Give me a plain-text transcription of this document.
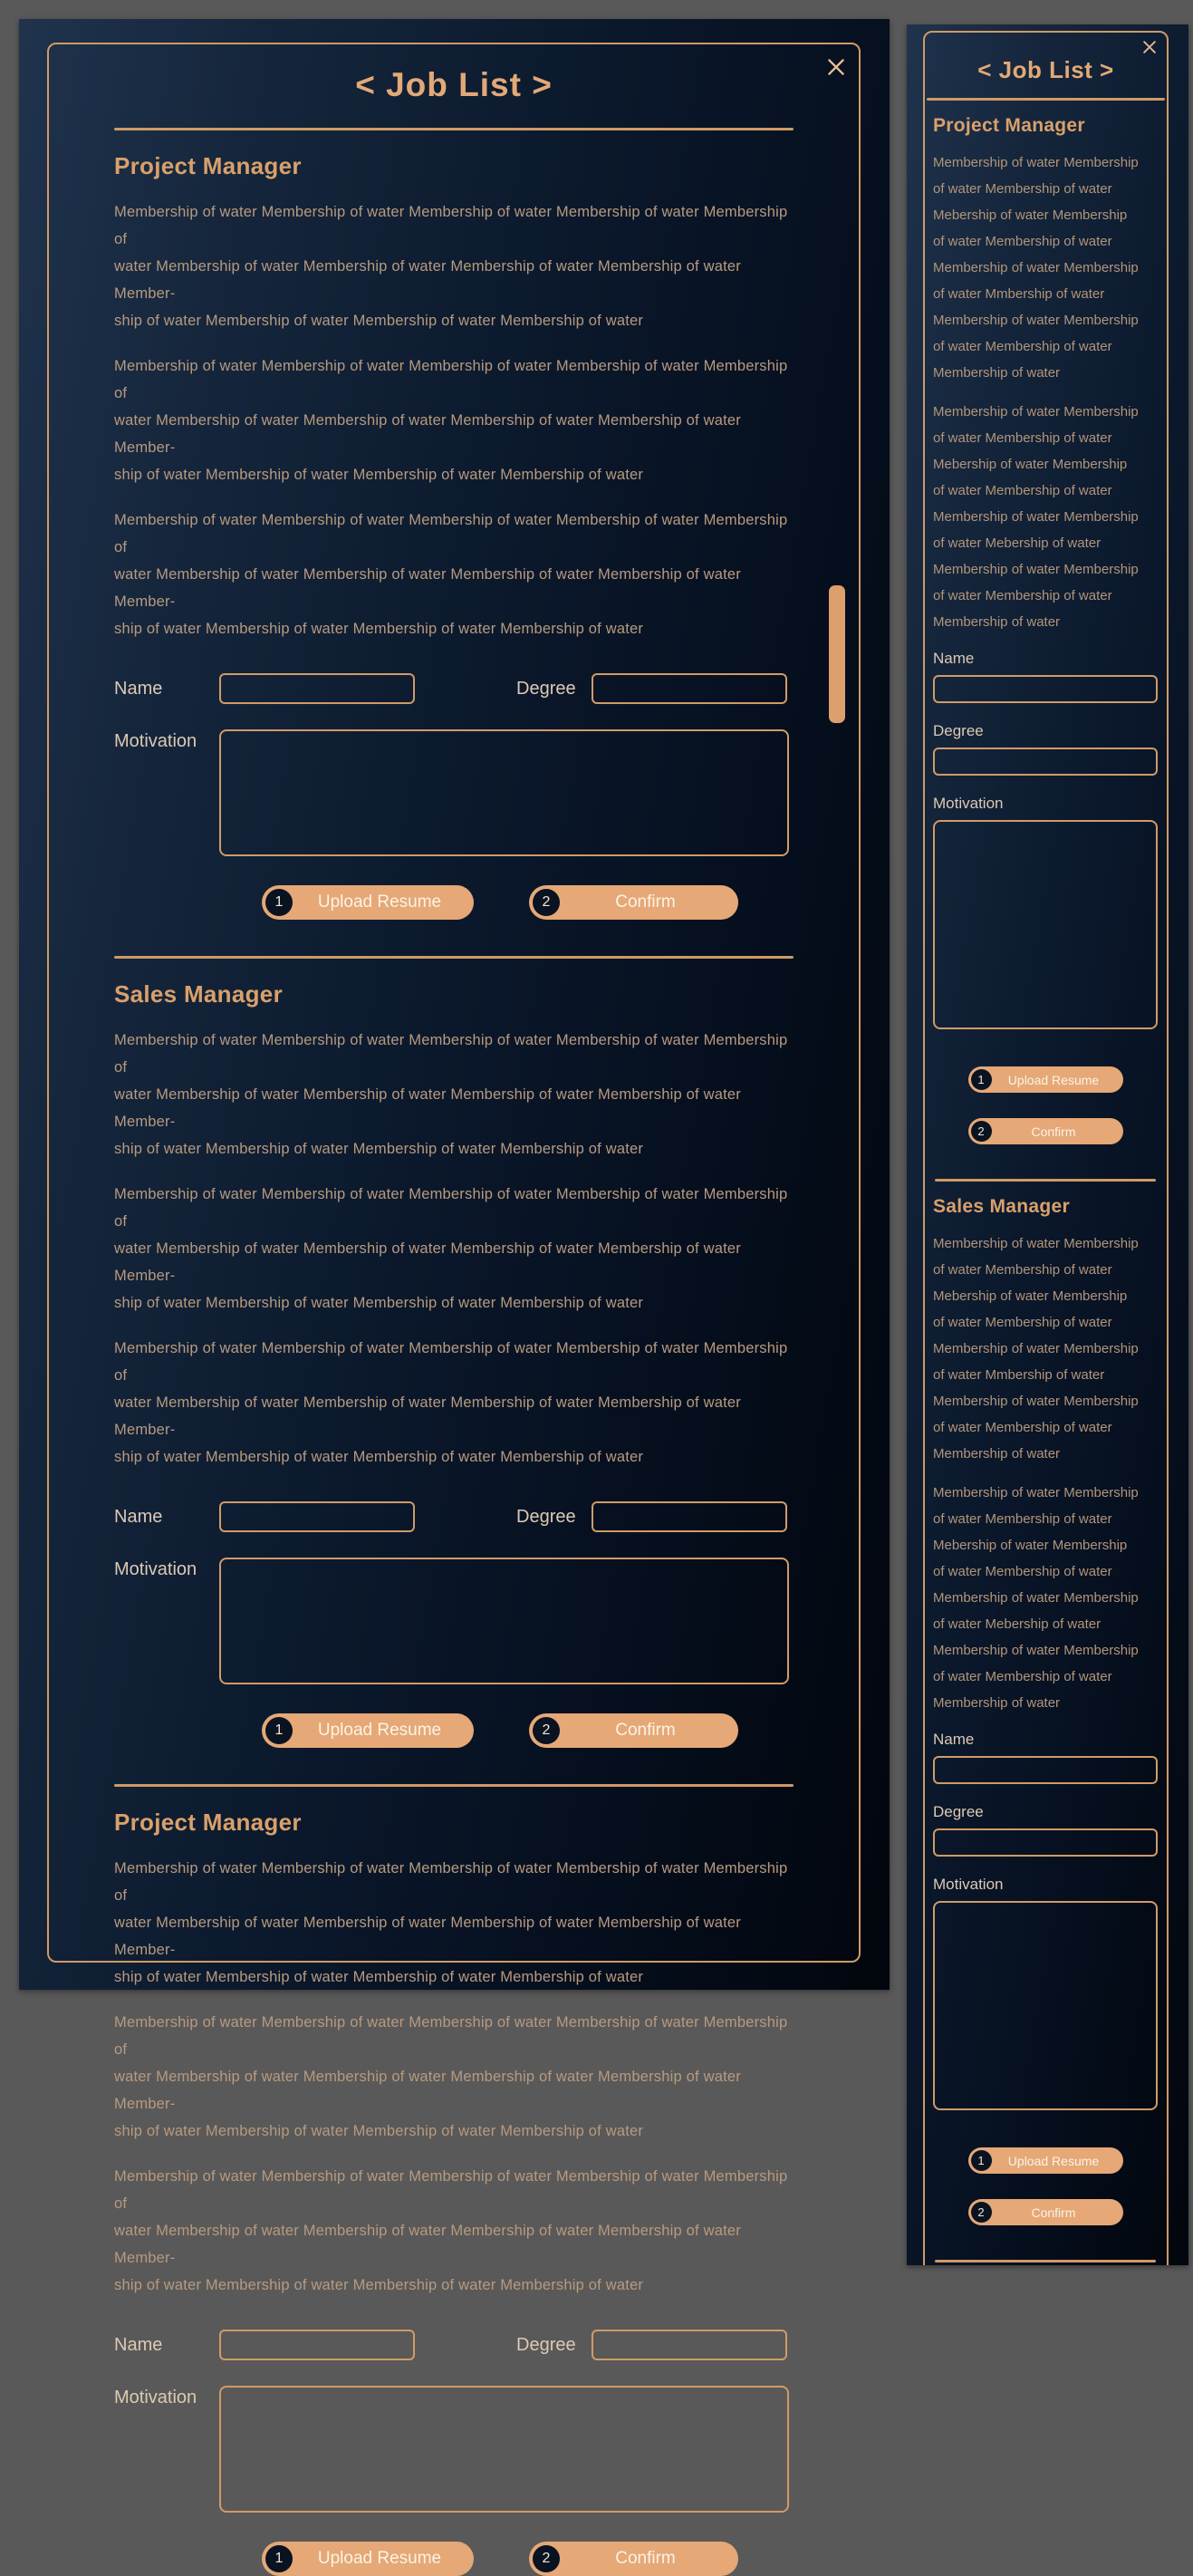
< Job List >
Project Manager
Membership of water Membership of water Membership of water Membership of water Membership of
water Membership of water Membership of water Membership of water Membership of water Member-
ship of water Membership of water Membership of water Membership of water
Membership of water Membership of water Membership of water Membership of water Membership of
water Membership of water Membership of water Membership of water Membership of water Member-
ship of water Membership of water Membership of water Membership of water
Membership of water Membership of water Membership of water Membership of water Membership of
water Membership of water Membership of water Membership of water Membership of water Member-
ship of water Membership of water Membership of water Membership of water
Name	Degree
Motivation
1	Upload Resume	2	Confirm
Sales Manager
Membership of water Membership of water Membership of water Membership of water Membership of
water Membership of water Membership of water Membership of water Membership of water Member-
ship of water Membership of water Membership of water Membership of water
Membership of water Membership of water Membership of water Membership of water Membership of
water Membership of water Membership of water Membership of water Membership of water Member-
ship of water Membership of water Membership of water Membership of water
Membership of water Membership of water Membership of water Membership of water Membership of
water Membership of water Membership of water Membership of water Membership of water Member-
ship of water Membership of water Membership of water Membership of water
Name	Degree
Motivation
1	Upload Resume	2	Confirm
Project Manager
Membership of water Membership of water Membership of water Membership of water Membership of
water Membership of water Membership of water Membership of water Membership of water Member-
ship of water Membership of water Membership of water Membership of water
Membership of water Membership of water Membership of water Membership of water Membership of
water Membership of water Membership of water Membership of water Membership of water Member-
ship of water Membership of water Membership of water Membership of water
Membership of water Membership of water Membership of water Membership of water Membership of
water Membership of water Membership of water Membership of water Membership of water Member-
ship of water Membership of water Membership of water Membership of water
Name	Degree
Motivation
1	Upload Resume	2	Confirm
< Job List >
Project Manager
Membership of water Membership
of water Membership of water
Mebership of water Membership
of water Membership of water
Membership of water Membership
of water Mmbership of water
Membership of water Membership
of water Membership of water
Membership of water
Membership of water Membership
of water Membership of water
Mebership of water Membership
of water Membership of water
Membership of water Membership
of water Mebership of water
Membership of water Membership
of water Membership of water
Membership of water
Name
Degree
Motivation
1	Upload Resume
2	Confirm
Sales Manager
Membership of water Membership
of water Membership of water
Mebership of water Membership
of water Membership of water
Membership of water Membership
of water Mmbership of water
Membership of water Membership
of water Membership of water
Membership of water
Membership of water Membership
of water Membership of water
Mebership of water Membership
of water Membership of water
Membership of water Membership
of water Mebership of water
Membership of water Membership
of water Membership of water
Membership of water
Name
Degree
Motivation
1	Upload Resume
2	Confirm
